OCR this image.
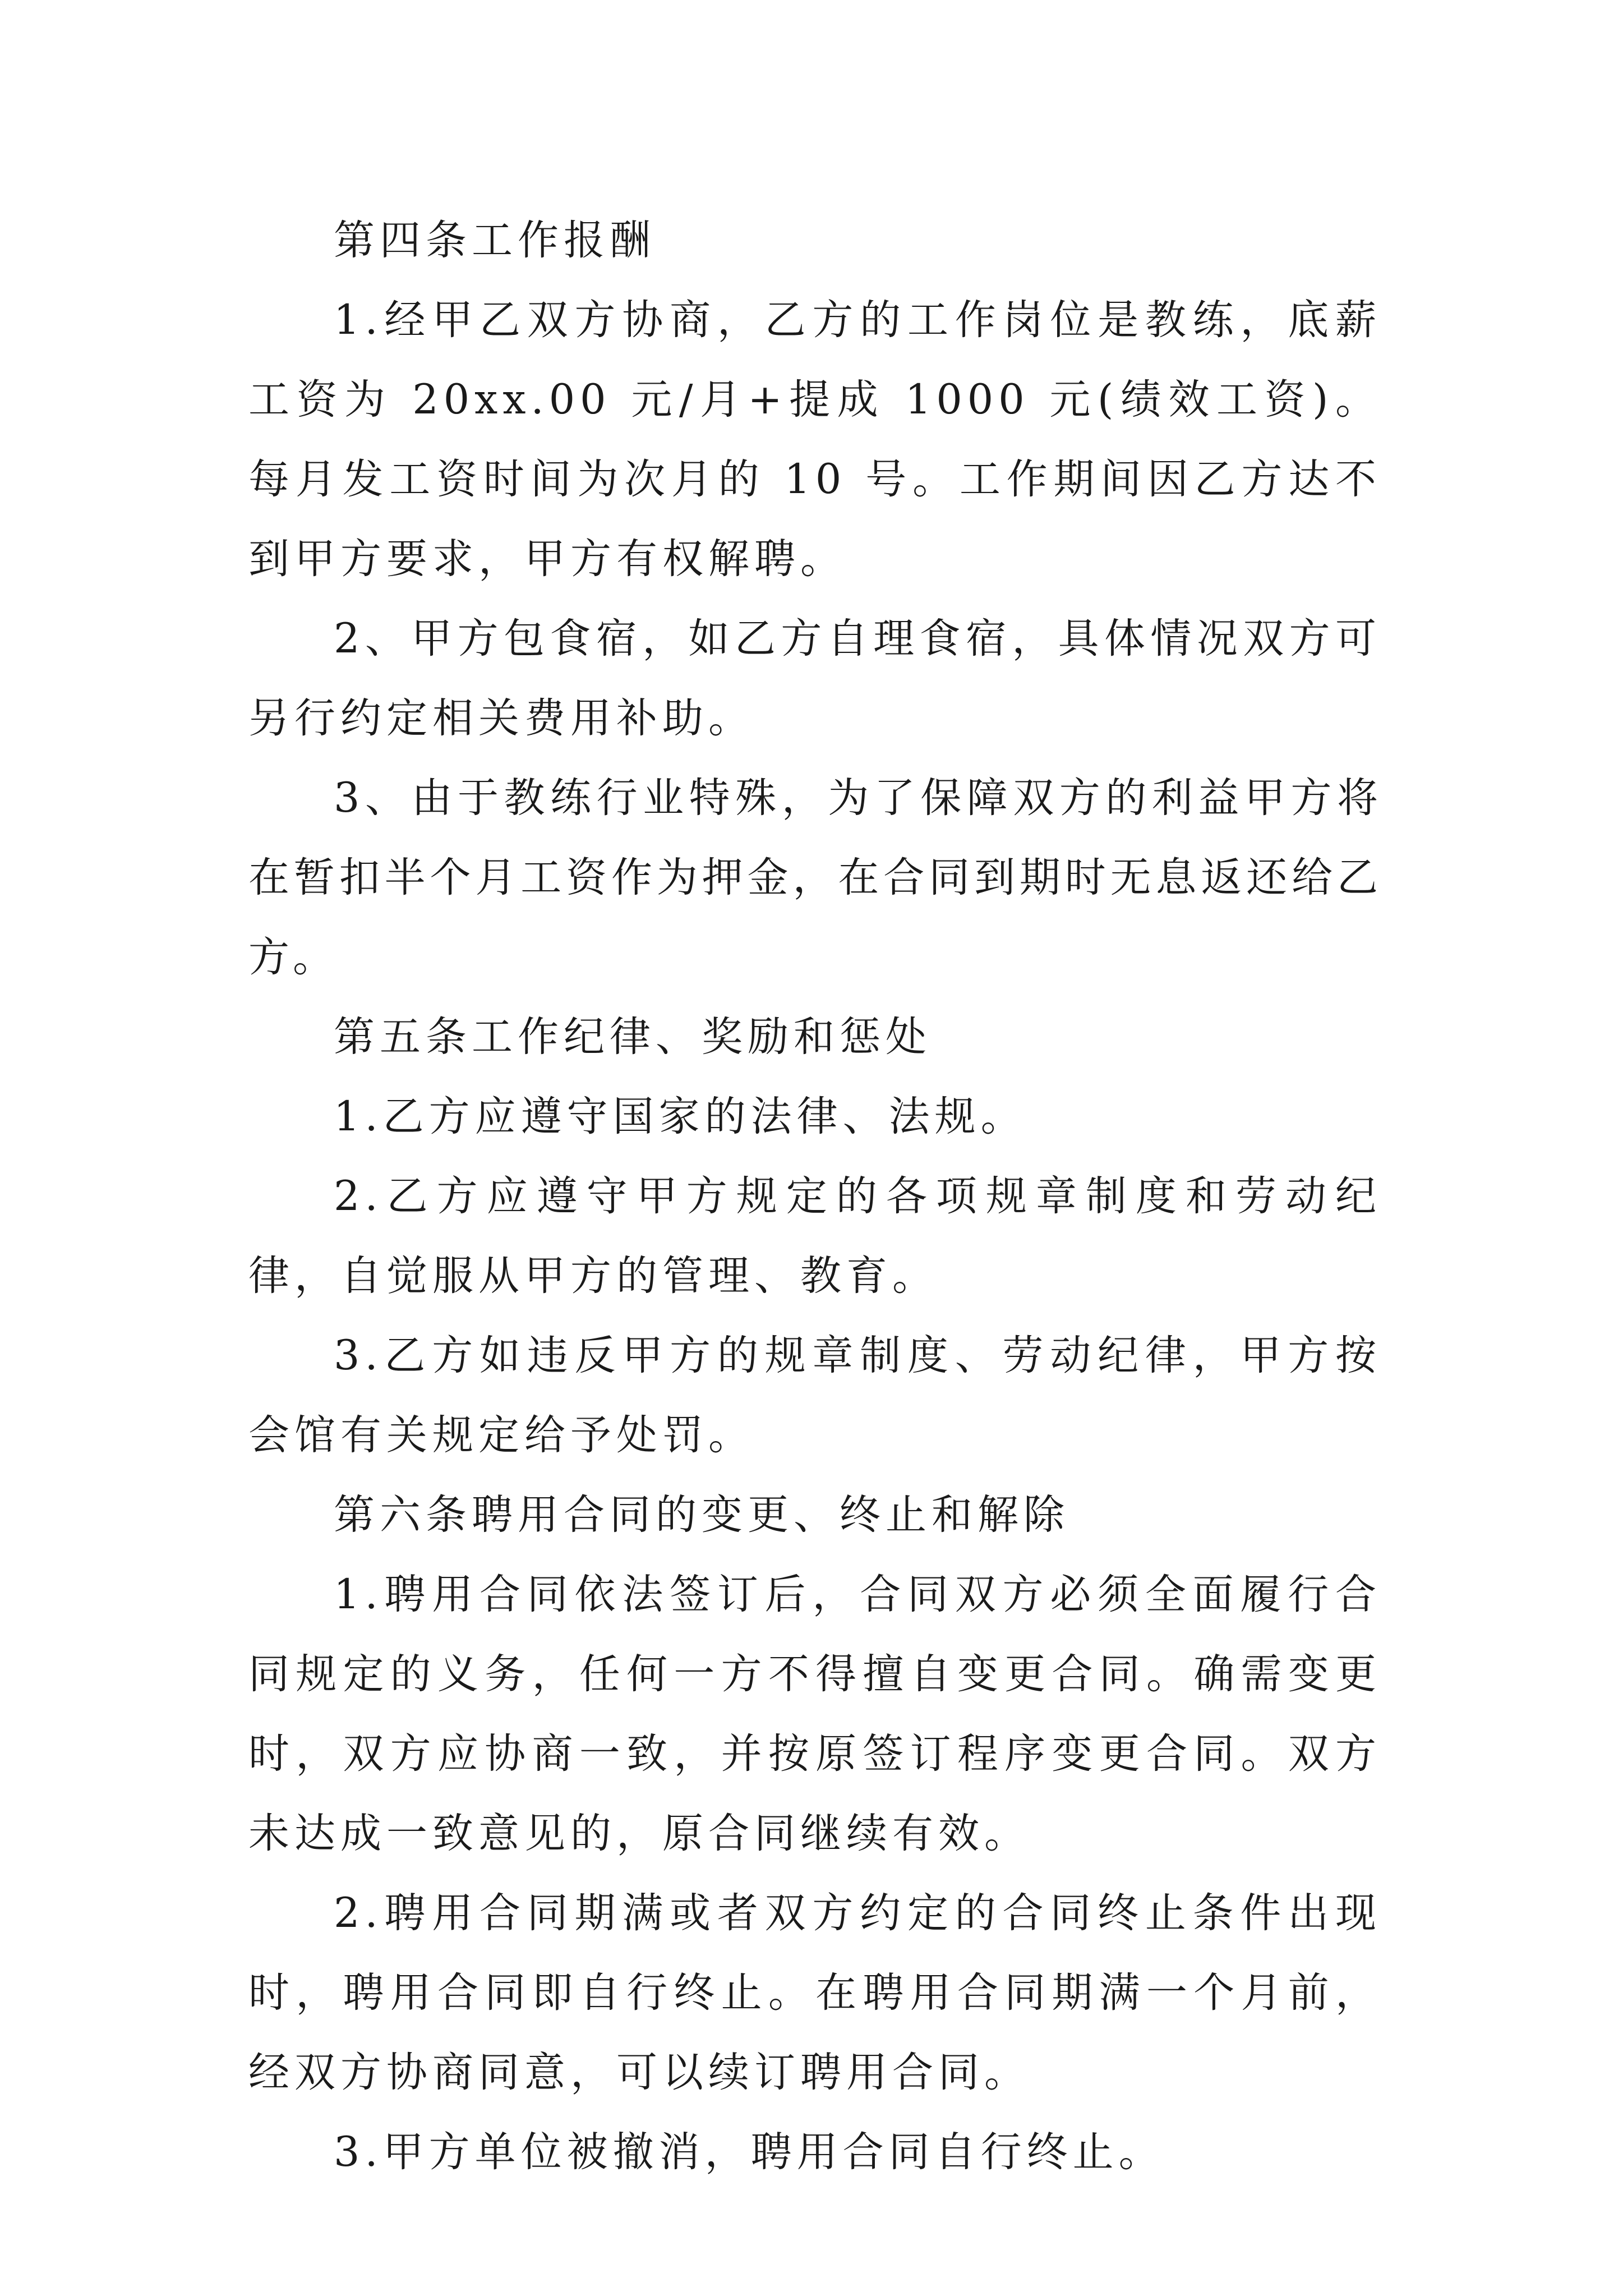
第四条工作报酬

1.经甲乙双方协商，乙方的工作岗位是教练，底薪工资为 20xx.00 元/月+提成 1000 元(绩效工资)。每月发工资时间为次月的 10 号。工作期间因乙方达不到甲方要求，甲方有权解聘。

2、甲方包食宿，如乙方自理食宿，具体情况双方可另行约定相关费用补助。

3、由于教练行业特殊，为了保障双方的利益甲方将在暂扣半个月工资作为押金，在合同到期时无息返还给乙方。

第五条工作纪律、奖励和惩处

1.乙方应遵守国家的法律、法规。

2.乙方应遵守甲方规定的各项规章制度和劳动纪律，自觉服从甲方的管理、教育。

3.乙方如违反甲方的规章制度、劳动纪律，甲方按会馆有关规定给予处罚。

第六条聘用合同的变更、终止和解除

1.聘用合同依法签订后，合同双方必须全面履行合同规定的义务，任何一方不得擅自变更合同。确需变更时，双方应协商一致，并按原签订程序变更合同。双方未达成一致意见的，原合同继续有效。

2.聘用合同期满或者双方约定的合同终止条件出现时，聘用合同即自行终止。在聘用合同期满一个月前，经双方协商同意，可以续订聘用合同。

3.甲方单位被撤消，聘用合同自行终止。
